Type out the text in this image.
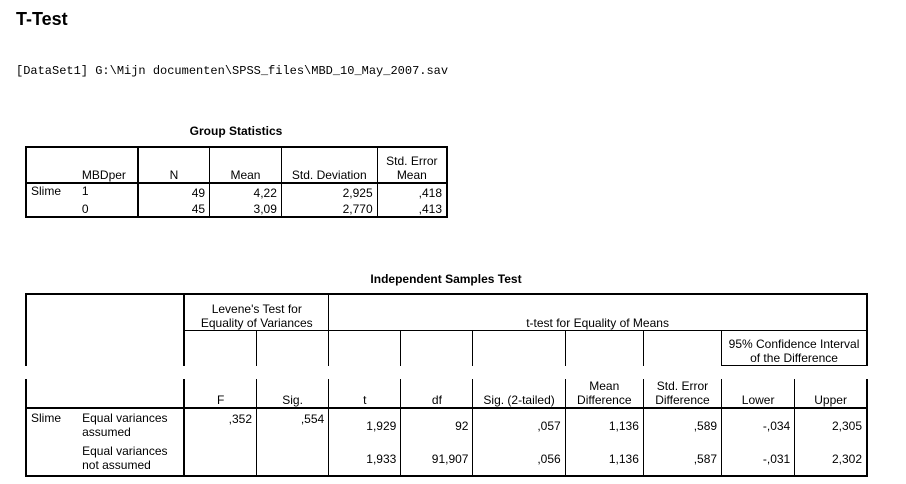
T-Test
[DataSet1] G:\Mijn documenten\SPSS_files\MBD_10_May_2007.sav
Group Statistics
	MBDper	N	Mean	Std. Deviation	Std. Error Mean
Slime	1	49	4,22	2,925	,418
	0	45	3,09	2,770	,413
Independent Samples Test
		Levene's Test for Equality of Variances		t-test for Equality of Means					
									95% Confidence Interval of the Difference

		F	Sig.	t	df	Sig. (2-tailed)	Mean Difference	Std. Error Difference	Lower	Upper
Slime	Equal variances assumed	,352	,554	1,929	92	,057	1,136	,589	-,034	2,305
	Equal variances not assumed			1,933	91,907	,056	1,136	,587	-,031	2,302
